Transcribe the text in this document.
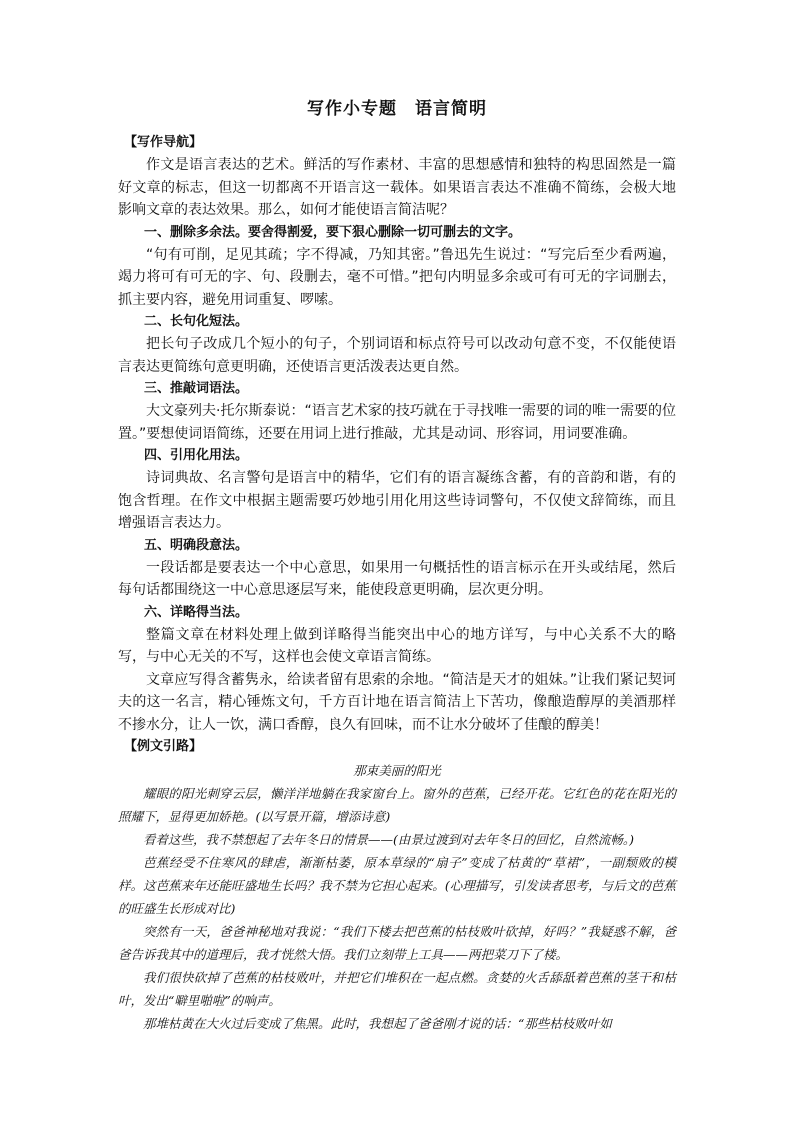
写作小专题　语言简明
【写作导航】

作文是语言表达的艺术。鲜活的写作素材、丰富的思想感情和独特的构思固然是一篇好文章的标志，但这一切都离不开语言这一载体。如果语言表达不准确不简练，会极大地影响文章的表达效果。那么，如何才能使语言简洁呢？

一、删除多余法。要舍得割爱，要下狠心删除一切可删去的文字。

“句有可削，足见其疏；字不得减，乃知其密。”鲁迅先生说过：“写完后至少看两遍，竭力将可有可无的字、句、段删去，毫不可惜。”把句内明显多余或可有可无的字词删去，抓主要内容，避免用词重复、啰嗦。

二、长句化短法。

把长句子改成几个短小的句子，个别词语和标点符号可以改动句意不变，不仅能使语言表达更简练句意更明确，还使语言更活泼表达更自然。

三、推敲词语法。

大文豪列夫·托尔斯泰说：“语言艺术家的技巧就在于寻找唯一需要的词的唯一需要的位置。”要想使词语简练，还要在用词上进行推敲，尤其是动词、形容词，用词要准确。

四、引用化用法。

诗词典故、名言警句是语言中的精华，它们有的语言凝练含蓄，有的音韵和谐，有的饱含哲理。在作文中根据主题需要巧妙地引用化用这些诗词警句，不仅使文辞简练，而且增强语言表达力。

五、明确段意法。

一段话都是要表达一个中心意思，如果用一句概括性的语言标示在开头或结尾，然后每句话都围绕这一中心意思逐层写来，能使段意更明确，层次更分明。

六、详略得当法。

整篇文章在材料处理上做到详略得当能突出中心的地方详写，与中心关系不大的略写，与中心无关的不写，这样也会使文章语言简练。

文章应写得含蓄隽永，给读者留有思索的余地。“简洁是天才的姐妹。”让我们紧记契诃夫的这一名言，精心锤炼文句，千方百计地在语言简洁上下苦功，像酿造醇厚的美酒那样不掺水分，让人一饮，满口香醇，良久有回味，而不让水分破坏了佳酿的醇美！

【例文引路】
那束美丽的阳光

耀眼的阳光刺穿云层，懒洋洋地躺在我家窗台上。窗外的芭蕉，已经开花。它红色的花在阳光的照耀下，显得更加娇艳。(以写景开篇，增添诗意)

看着这些，我不禁想起了去年冬日的情景——(由景过渡到对去年冬日的回忆，自然流畅。)

芭蕉经受不住寒风的肆虐，渐渐枯萎，原本草绿的“扇子”变成了枯黄的“草裙”，一副颓败的模样。这芭蕉来年还能旺盛地生长吗？我不禁为它担心起来。(心理描写，引发读者思考，与后文的芭蕉的旺盛生长形成对比)

突然有一天，爸爸神秘地对我说：“我们下楼去把芭蕉的枯枝败叶砍掉，好吗？”我疑惑不解，爸爸告诉我其中的道理后，我才恍然大悟。我们立刻带上工具——两把菜刀下了楼。

我们很快砍掉了芭蕉的枯枝败叶，并把它们堆积在一起点燃。贪婪的火舌舔舐着芭蕉的茎干和枯叶，发出“噼里啪啦”的响声。

那堆枯黄在大火过后变成了焦黑。此时，我想起了爸爸刚才说的话：“那些枯枝败叶如
